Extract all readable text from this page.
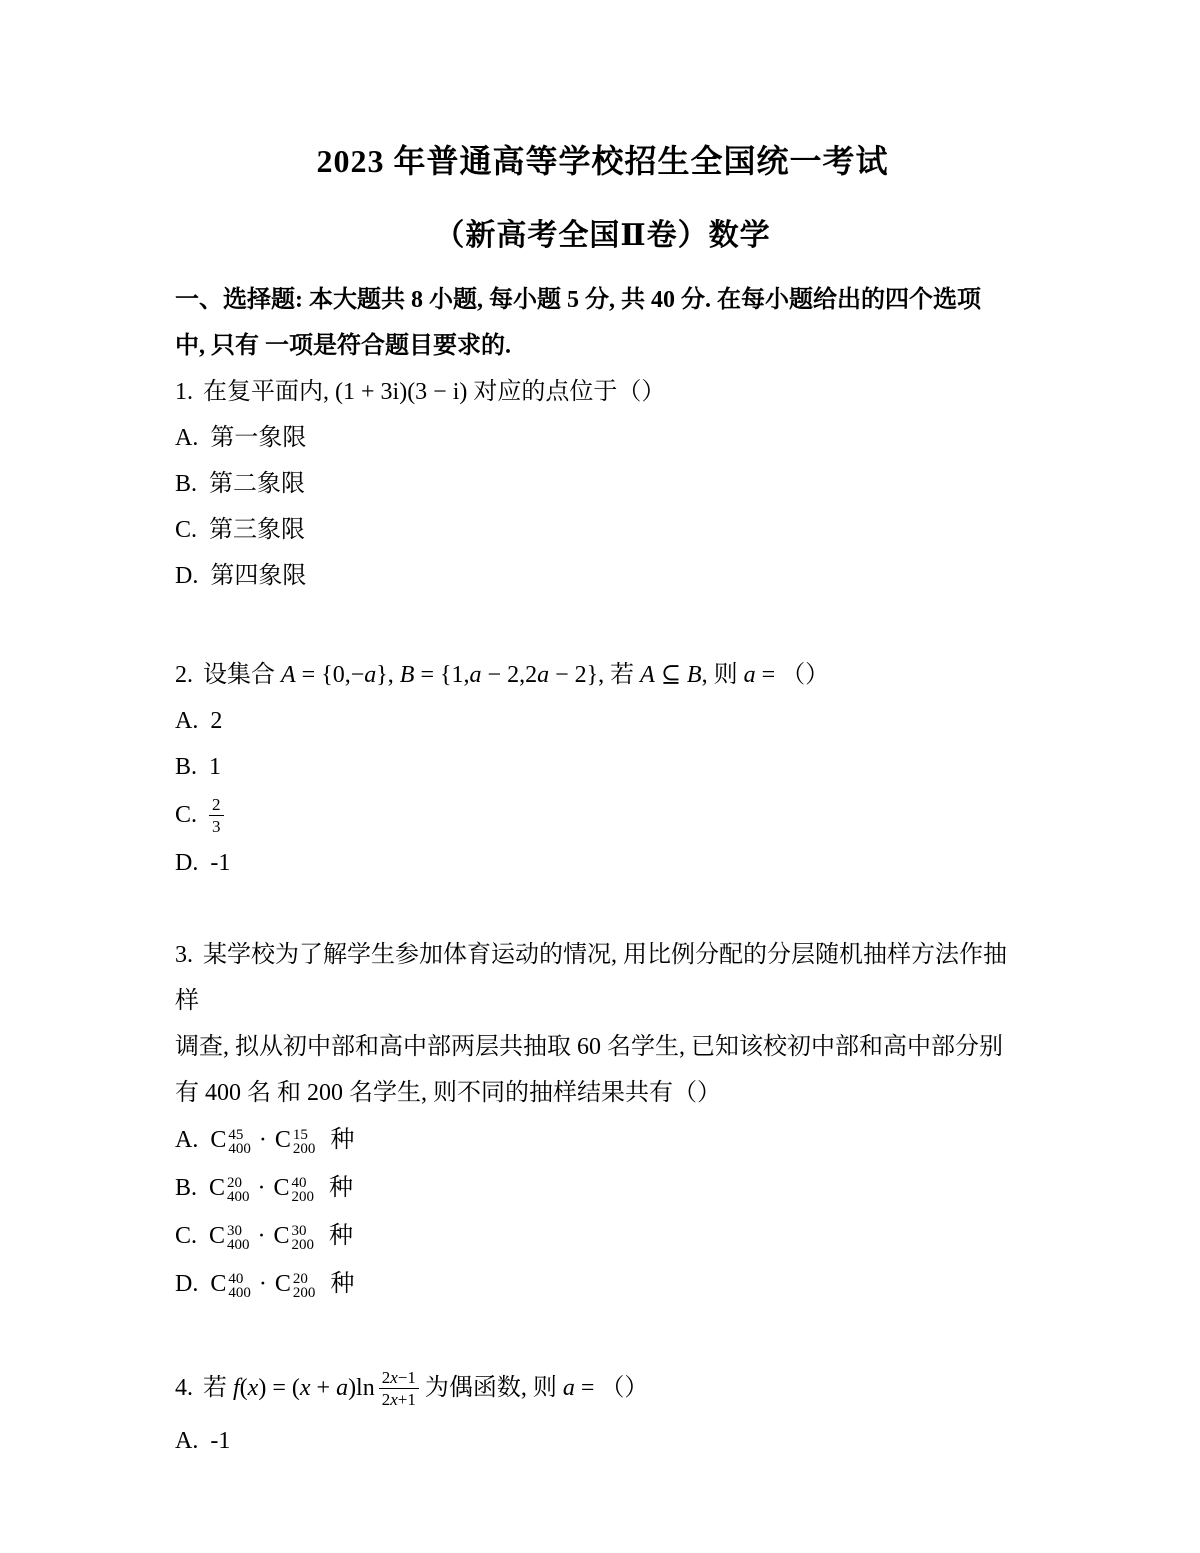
2023 年普通高等学校招生全国统一考试
（新高考全国Ⅱ卷）数学
一、选择题: 本大题共 8 小题, 每小题 5 分, 共 40 分. 在每小题给出的四个选项
中, 只有 一项是符合题目要求的.
1. 在复平面内, (1 + 3i)(3 − i) 对应的点位于（）
A. 第一象限
B. 第二象限
C. 第三象限
D. 第四象限
2. 设集合 A = {0,−a}, B = {1,a − 2,2a − 2}, 若 A ⊆ B, 则 a = （）
A. 2
B. 1
C. $\frac{2}{3}$
D. -1
3. 某学校为了解学生参加体育运动的情况, 用比例分配的分层随机抽样方法作抽样
调查, 拟从初中部和高中部两层共抽取 60 名学生, 已知该校初中部和高中部分别
有 400 名 和 200 名学生, 则不同的抽样结果共有（）
A. C 45
400 · C 15
200 种
B. C 20
400 · C 40
200 种
C. C 30
400 · C 30
200 种
D. C 40
400 · C 20
200 种
4. 若 $f(x) = (x + a)\ln \frac{2x-1}{2x+1}$ 为偶函数, 则 a = （）
A. -1
